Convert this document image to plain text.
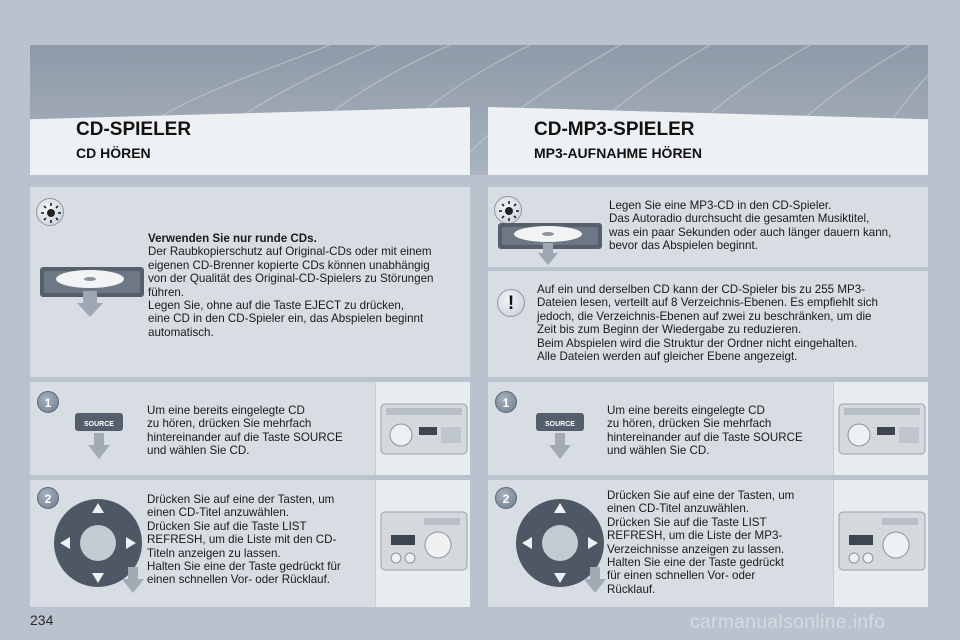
CD-SPIELER
CD HÖREN
CD-MP3-SPIELER
MP3-AUFNAHME HÖREN

Verwenden Sie nur runde CDs.

Der Raubkopierschutz auf Original-CDs oder mit einem

eigenen CD-Brenner kopierte CDs können unabhängig

von der Qualität des Original-CD-Spielers zu Störungen

führen.

Legen Sie, ohne auf die Taste EJECT zu drücken,

eine CD in den CD-Spieler ein, das Abspielen beginnt

automatisch.

1
SOURCE

Um eine bereits eingelegte CD

zu hören, drücken Sie mehrfach

hintereinander auf die Taste SOURCE

und wählen Sie CD.

2	Drücken Sie auf eine der Tasten, um

einen CD-Titel anzuwählen.

Drücken Sie auf die Taste LIST

REFRESH, um die Liste mit den CD-

Titeln anzeigen zu lassen.

Halten Sie eine der Taste gedrückt für

einen schnellen Vor- oder Rücklauf.

Legen Sie eine MP3-CD in den CD-Spieler.

Das Autoradio durchsucht die gesamten Musiktitel,

was ein paar Sekunden oder auch länger dauern kann,

bevor das Abspielen beginnt.

!

Auf ein und derselben CD kann der CD-Spieler bis zu 255 MP3-

Dateien lesen, verteilt auf 8 Verzeichnis-Ebenen. Es empfiehlt sich

jedoch, die Verzeichnis-Ebenen auf zwei zu beschränken, um die

Zeit bis zum Beginn der Wiedergabe zu reduzieren.

Beim Abspielen wird die Struktur der Ordner nicht eingehalten.

Alle Dateien werden auf gleicher Ebene angezeigt.

1
SOURCE

Um eine bereits eingelegte CD

zu hören, drücken Sie mehrfach

hintereinander auf die Taste SOURCE

und wählen Sie CD.

2	Drücken Sie auf eine der Tasten, um

einen CD-Titel anzuwählen.

Drücken Sie auf die Taste LIST

REFRESH, um die Liste der MP3-

Verzeichnisse anzeigen zu lassen.

Halten Sie eine der Taste gedrückt

für einen schnellen Vor- oder

Rücklauf.

234	carmanualsonline.info
